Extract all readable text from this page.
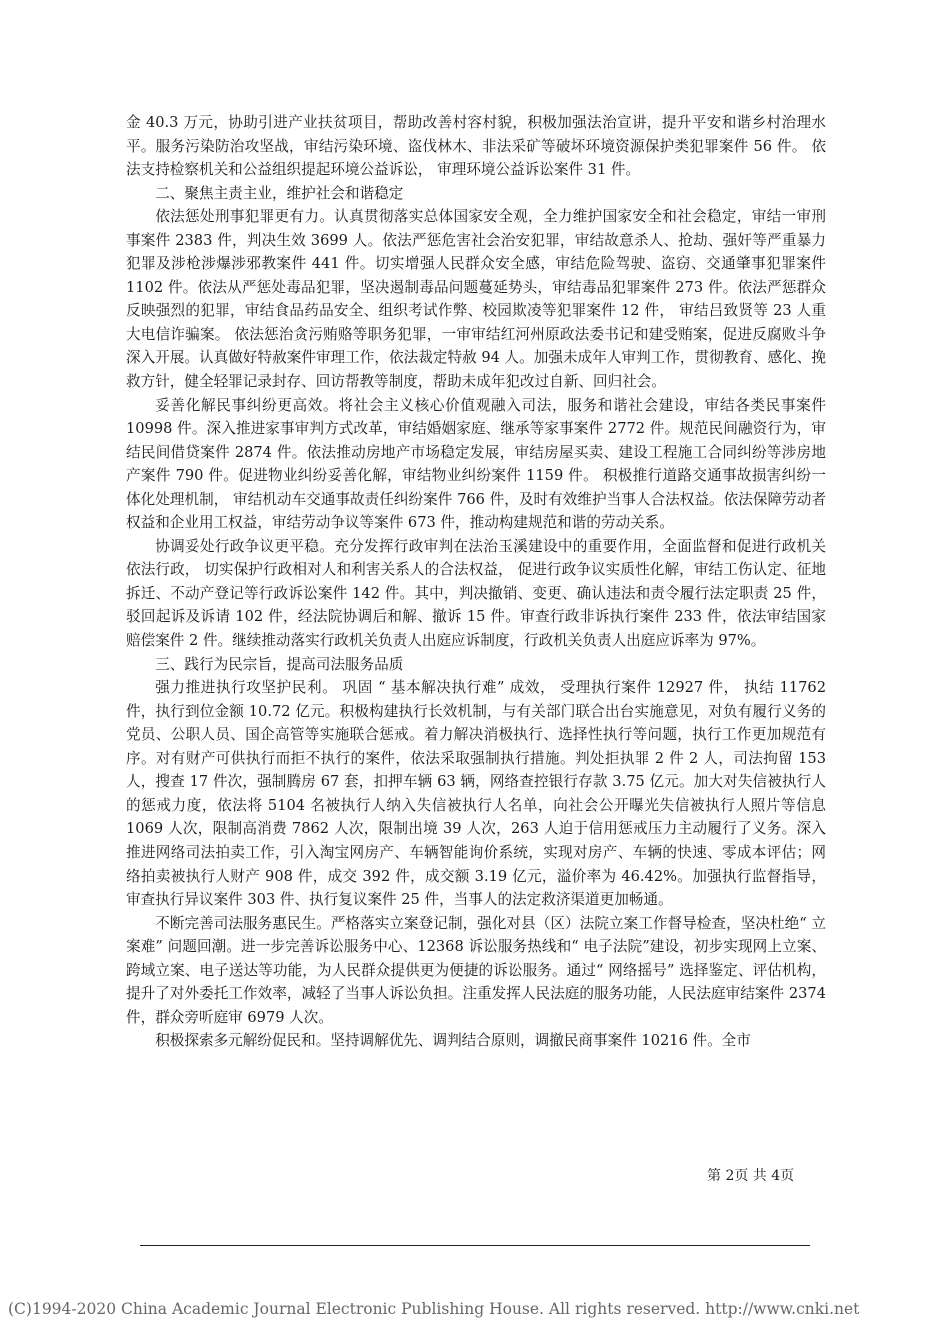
金 40.3 万元，协助引进产业扶贫项目，帮助改善村容村貌，积极加强法治宣讲，提升平安和谐乡村治理水平。服务污染防治攻坚战，审结污染环境、盗伐林木、非法采矿等破坏环境资源保护类犯罪案件 56 件。 依法支持检察机关和公益组织提起环境公益诉讼， 审理环境公益诉讼案件 31 件。

二、聚焦主责主业，维护社会和谐稳定

依法惩处刑事犯罪更有力。认真贯彻落实总体国家安全观，全力维护国家安全和社会稳定，审结一审刑事案件 2383 件，判决生效 3699 人。依法严惩危害社会治安犯罪，审结故意杀人、抢劫、强奸等严重暴力犯罪及涉枪涉爆涉邪教案件 441 件。切实增强人民群众安全感，审结危险驾驶、盗窃、交通肇事犯罪案件 1102 件。依法从严惩处毒品犯罪，坚决遏制毒品问题蔓延势头，审结毒品犯罪案件 273 件。依法严惩群众反映强烈的犯罪，审结食品药品安全、组织考试作弊、校园欺凌等犯罪案件 12 件， 审结吕致贤等 23 人重大电信诈骗案。 依法惩治贪污贿赂等职务犯罪，一审审结红河州原政法委书记和建受贿案，促进反腐败斗争深入开展。认真做好特赦案件审理工作，依法裁定特赦 94 人。加强未成年人审判工作，贯彻教育、感化、挽救方针，健全轻罪记录封存、回访帮教等制度，帮助未成年犯改过自新、回归社会。

妥善化解民事纠纷更高效。将社会主义核心价值观融入司法，服务和谐社会建设，审结各类民事案件 10998 件。深入推进家事审判方式改革，审结婚姻家庭、继承等家事案件 2772 件。规范民间融资行为，审结民间借贷案件 2874 件。依法推动房地产市场稳定发展，审结房屋买卖、建设工程施工合同纠纷等涉房地产案件 790 件。促进物业纠纷妥善化解，审结物业纠纷案件 1159 件。 积极推行道路交通事故损害纠纷一体化处理机制， 审结机动车交通事故责任纠纷案件 766 件，及时有效维护当事人合法权益。依法保障劳动者权益和企业用工权益，审结劳动争议等案件 673 件，推动构建规范和谐的劳动关系。

协调妥处行政争议更平稳。充分发挥行政审判在法治玉溪建设中的重要作用，全面监督和促进行政机关依法行政， 切实保护行政相对人和利害关系人的合法权益， 促进行政争议实质性化解，审结工伤认定、征地拆迁、不动产登记等行政诉讼案件 142 件。其中，判决撤销、变更、确认违法和责令履行法定职责 25 件，驳回起诉及诉请 102 件，经法院协调后和解、撤诉 15 件。审查行政非诉执行案件 233 件，依法审结国家赔偿案件 2 件。继续推动落实行政机关负责人出庭应诉制度，行政机关负责人出庭应诉率为 97%。

三、践行为民宗旨，提高司法服务品质

强力推进执行攻坚护民利。 巩固 “ 基本解决执行难” 成效， 受理执行案件 12927 件， 执结 11762 件，执行到位金额 10.72 亿元。积极构建执行长效机制，与有关部门联合出台实施意见，对负有履行义务的党员、公职人员、国企高管等实施联合惩戒。着力解决消极执行、选择性执行等问题，执行工作更加规范有序。对有财产可供执行而拒不执行的案件，依法采取强制执行措施。判处拒执罪 2 件 2 人，司法拘留 153 人，搜查 17 件次，强制腾房 67 套，扣押车辆 63 辆，网络查控银行存款 3.75 亿元。加大对失信被执行人的惩戒力度，依法将 5104 名被执行人纳入失信被执行人名单，向社会公开曝光失信被执行人照片等信息 1069 人次，限制高消费 7862 人次，限制出境 39 人次，263 人迫于信用惩戒压力主动履行了义务。深入推进网络司法拍卖工作，引入淘宝网房产、车辆智能询价系统，实现对房产、车辆的快速、零成本评估；网络拍卖被执行人财产 908 件，成交 392 件，成交额 3.19 亿元，溢价率为 46.42%。加强执行监督指导，审查执行异议案件 303 件、执行复议案件 25 件，当事人的法定救济渠道更加畅通。

不断完善司法服务惠民生。严格落实立案登记制，强化对县（区）法院立案工作督导检查，坚决杜绝“ 立案难” 问题回潮。进一步完善诉讼服务中心、12368 诉讼服务热线和“ 电子法院”建设，初步实现网上立案、跨域立案、电子送达等功能，为人民群众提供更为便捷的诉讼服务。通过“ 网络摇号” 选择鉴定、评估机构，提升了对外委托工作效率，减轻了当事人诉讼负担。注重发挥人民法庭的服务功能，人民法庭审结案件 2374 件，群众旁听庭审 6979 人次。

积极探索多元解纷促民和。坚持调解优先、调判结合原则，调撤民商事案件 10216 件。全市

第 2页 共 4页
(C)1994-2020 China Academic Journal Electronic Publishing House. All rights reserved. http://www.cnki.net
